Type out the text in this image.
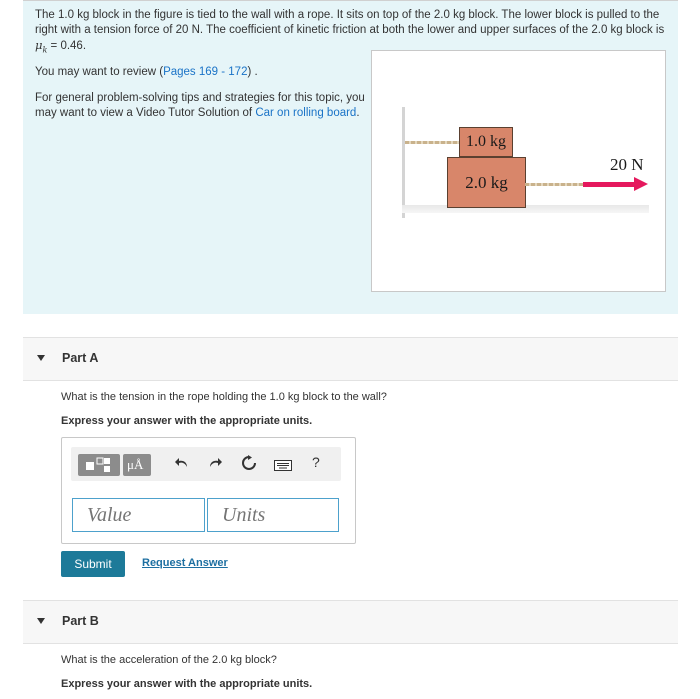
The 1.0 kg block in the figure is tied to the wall with a rope. It sits on top of the 2.0 kg block. The lower block is pulled to the right with a tension force of 20 N. The coefficient of kinetic friction at both the lower and upper surfaces of the 2.0 kg block is $\mu_k = 0.46$.
You may want to review (Pages 169 - 172) .
For general problem-solving tips and strategies for this topic, you may want to view a Video Tutor Solution of Car on rolling board.
1.0 kg
2.0 kg
20 N
Part A
What is the tension in the rope holding the 1.0 kg block to the wall?
Express your answer with the appropriate units.
μÅ	?
Value
Units
Submit	Request Answer
Part B
What is the acceleration of the 2.0 kg block?
Express your answer with the appropriate units.
